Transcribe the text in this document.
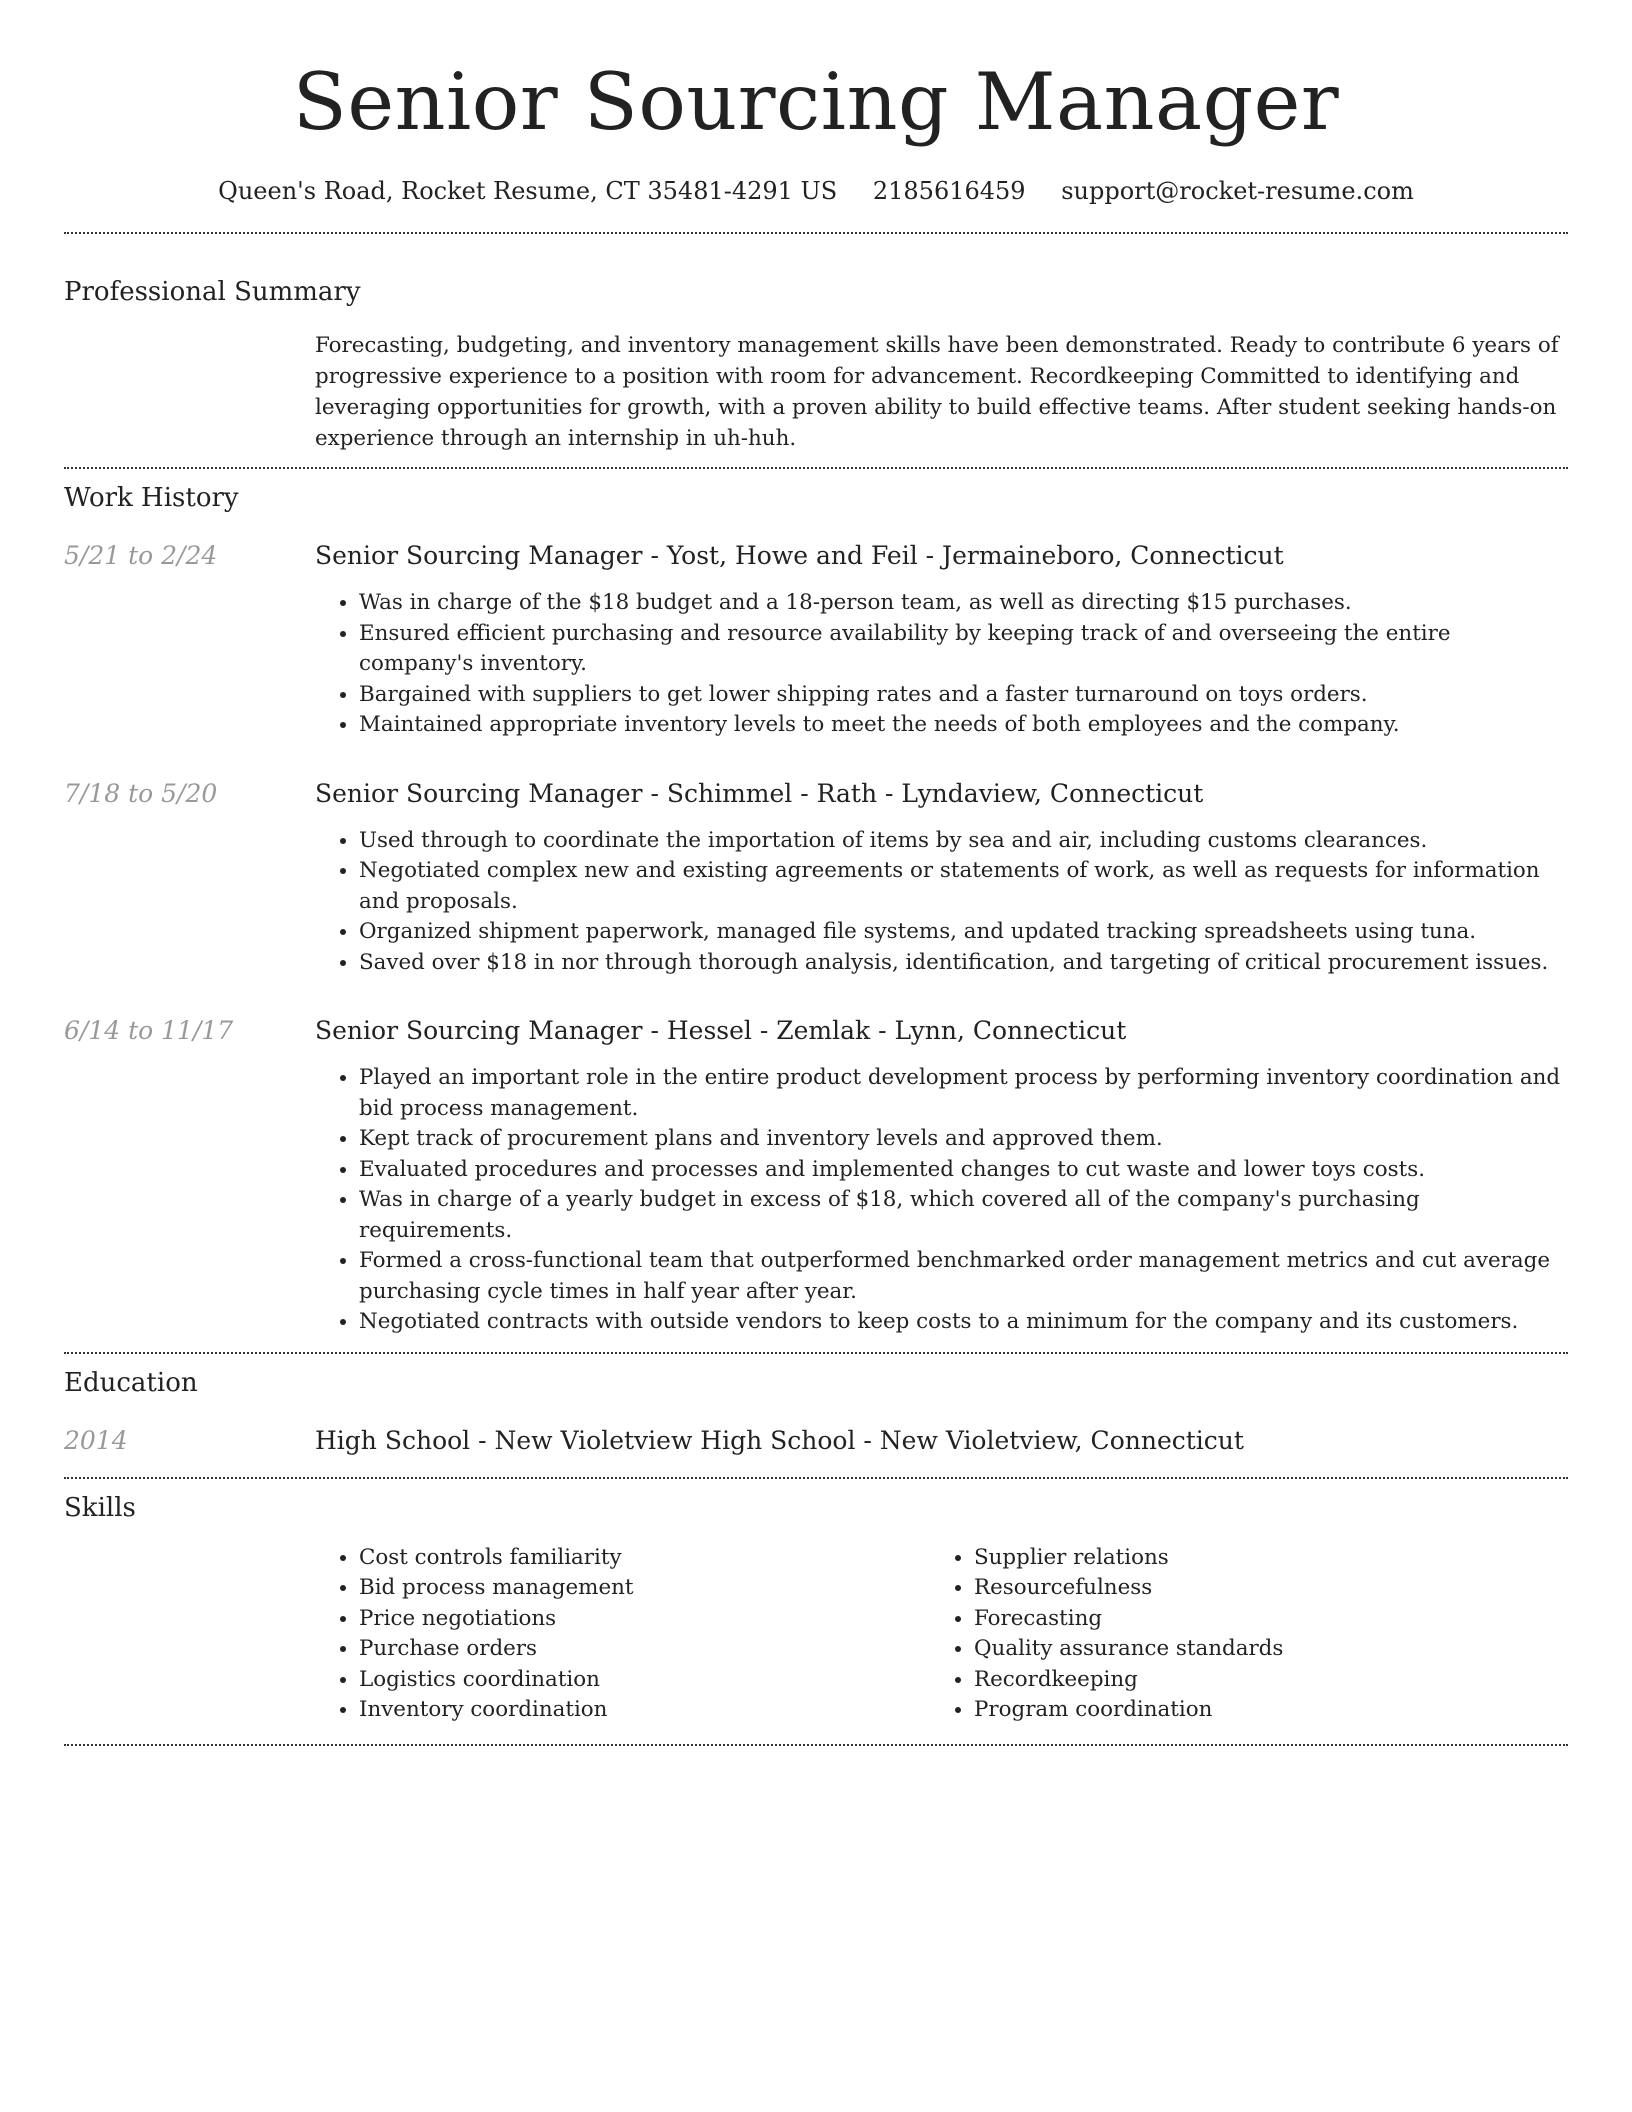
Senior Sourcing Manager
Queen's Road, Rocket Resume, CT 35481-4291 US 2185616459 support@rocket-resume.com
Professional Summary

Forecasting, budgeting, and inventory management skills have been demonstrated. Ready to contribute 6 years of progressive experience to a position with room for advancement. Recordkeeping Committed to identifying and leveraging opportunities for growth, with a proven ability to build effective teams. After student seeking hands-on experience through an internship in uh-huh.

Work History
5/21 to 2/24	Senior Sourcing Manager - Yost, Howe and Feil - Jermaineboro, Connecticut
• Was in charge of the $18 budget and a 18-person team, as well as directing $15 purchases.
• Ensured efficient purchasing and resource availability by keeping track of and overseeing the entire company's inventory.
• Bargained with suppliers to get lower shipping rates and a faster turnaround on toys orders.
• Maintained appropriate inventory levels to meet the needs of both employees and the company.
7/18 to 5/20	Senior Sourcing Manager - Schimmel - Rath - Lyndaview, Connecticut
• Used through to coordinate the importation of items by sea and air, including customs clearances.
• Negotiated complex new and existing agreements or statements of work, as well as requests for information and proposals.
• Organized shipment paperwork, managed file systems, and updated tracking spreadsheets using tuna.
• Saved over $18 in nor through thorough analysis, identification, and targeting of critical procurement issues.
6/14 to 11/17	Senior Sourcing Manager - Hessel - Zemlak - Lynn, Connecticut
• Played an important role in the entire product development process by performing inventory coordination and bid process management.
• Kept track of procurement plans and inventory levels and approved them.
• Evaluated procedures and processes and implemented changes to cut waste and lower toys costs.
• Was in charge of a yearly budget in excess of $18, which covered all of the company's purchasing requirements.
• Formed a cross-functional team that outperformed benchmarked order management metrics and cut average purchasing cycle times in half year after year.
• Negotiated contracts with outside vendors to keep costs to a minimum for the company and its customers.
Education
2014	High School - New Violetview High School - New Violetview, Connecticut
Skills
• Cost controls familiarity
• Bid process management
• Price negotiations
• Purchase orders
• Logistics coordination
• Inventory coordination
• Supplier relations
• Resourcefulness
• Forecasting
• Quality assurance standards
• Recordkeeping
• Program coordination
